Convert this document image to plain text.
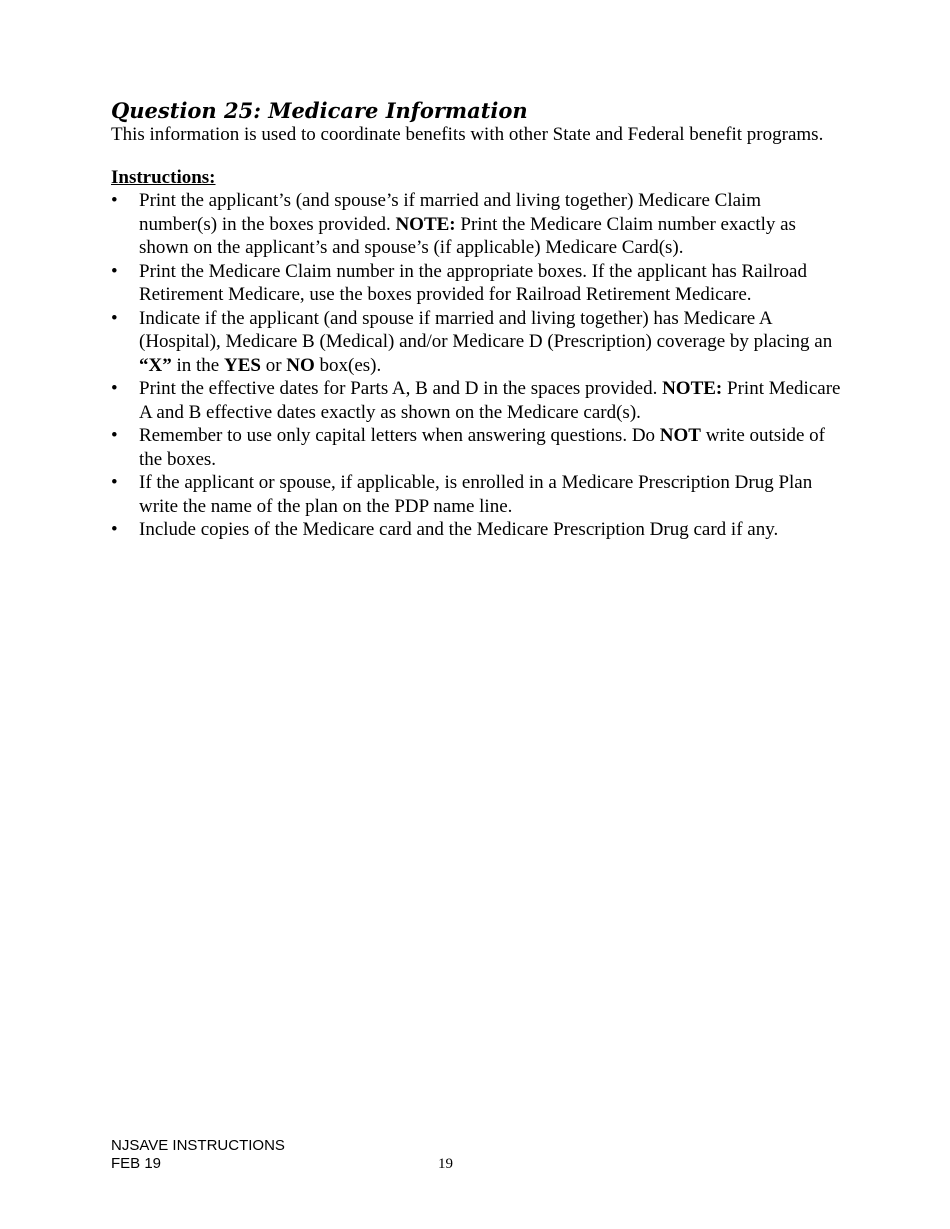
Question 25: Medicare Information

This information is used to coordinate benefits with other State and Federal benefit programs.

Instructions:
•	Print the applicant’s (and spouse’s if married and living together) Medicare Claim number(s) in the boxes provided. NOTE: Print the Medicare Claim number exactly as shown on the applicant’s and spouse’s (if applicable) Medicare Card(s).
•	Print the Medicare Claim number in the appropriate boxes. If the applicant has Railroad Retirement Medicare, use the boxes provided for Railroad Retirement Medicare.
•	Indicate if the applicant (and spouse if married and living together) has Medicare A (Hospital), Medicare B (Medical) and/or Medicare D (Prescription) coverage by placing an “X” in the YES or NO box(es).
•	Print the effective dates for Parts A, B and D in the spaces provided. NOTE: Print Medicare A and B effective dates exactly as shown on the Medicare card(s).
•	Remember to use only capital letters when answering questions. Do NOT write outside of the boxes.
•	If the applicant or spouse, if applicable, is enrolled in a Medicare Prescription Drug Plan write the name of the plan on the PDP name line.
•	Include copies of the Medicare card and the Medicare Prescription Drug card if any.
NJSAVE INSTRUCTIONS
FEB 19	19
